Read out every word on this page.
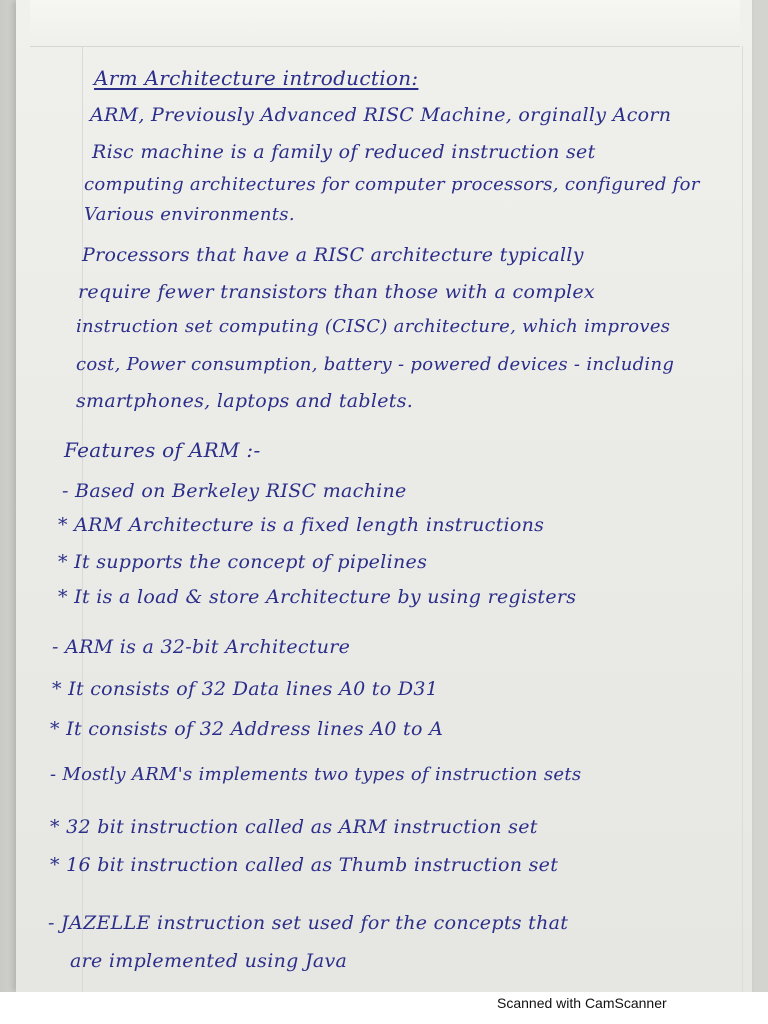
Arm Architecture introduction:
ARM, Previously Advanced RISC Machine, orginally Acorn
Risc machine is a family of reduced instruction set
computing architectures for computer processors, configured for
Various environments.
Processors that have a RISC architecture typically
require fewer transistors than those with a complex
instruction set computing (CISC) architecture, which improves
cost, Power consumption, battery - powered devices - including
smartphones, laptops and tablets.
Features of ARM :-
- Based on Berkeley RISC machine
* ARM Architecture is a fixed length instructions
* It supports the concept of pipelines
* It is a load & store Architecture by using registers
- ARM is a 32-bit Architecture
* It consists of 32 Data lines A0 to D31
* It consists of 32 Address lines A0 to A
- Mostly ARM's implements two types of instruction sets
* 32 bit instruction called as ARM instruction set
* 16 bit instruction called as Thumb instruction set
- JAZELLE instruction set used for the concepts that
are implemented using Java
Scanned with CamScanner
